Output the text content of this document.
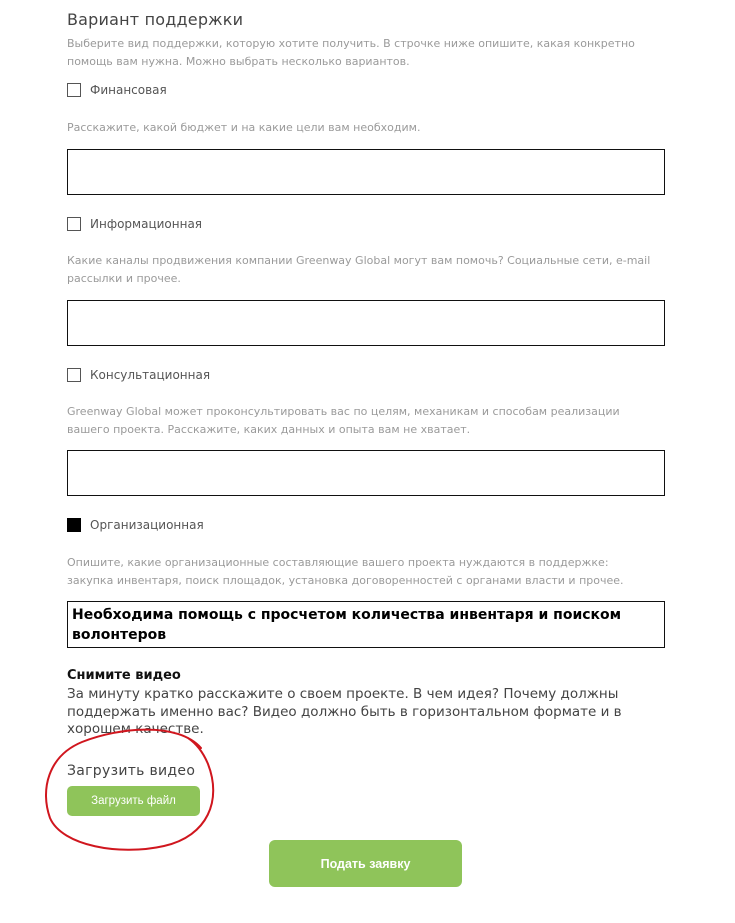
Вариант поддержки
Выберите вид поддержки, которую хотите получить. В строчке ниже опишите, какая конкретно помощь вам нужна. Можно выбрать несколько вариантов.
Финансовая
Расскажите, какой бюджет и на какие цели вам необходим.
Информационная
Какие каналы продвижения компании Greenway Global могут вам помочь? Социальные сети, e-mail рассылки и прочее.
Консультационная
Greenway Global может проконсультировать вас по целям, механикам и способам реализации вашего проекта. Расскажите, каких данных и опыта вам не хватает.
Организационная
Опишите, какие организационные составляющие вашего проекта нуждаются в поддержке: закупка инвентаря, поиск площадок, установка договоренностей с органами власти и прочее.
Необходима помощь с просчетом количества инвентаря и поиском волонтеров
Снимите видео
За минуту кратко расскажите о своем проекте. В чем идея? Почему должны поддержать именно вас? Видео должно быть в горизонтальном формате и в хорошем качестве.
Загрузить видео
Загрузить файл
Подать заявку
